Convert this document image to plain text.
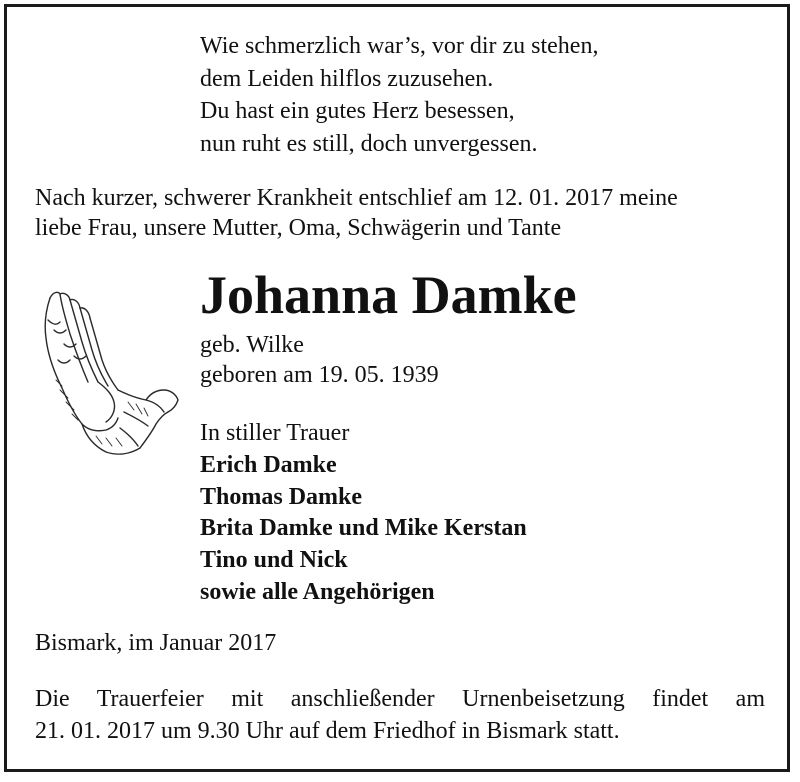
Wie schmerzlich war’s, vor dir zu stehen,
dem Leiden hilflos zuzusehen.
Du hast ein gutes Herz besessen,
nun ruht es still, doch unvergessen.
Nach kurzer, schwerer Krankheit entschlief am 12. 01. 2017 meine
liebe Frau, unsere Mutter, Oma, Schwägerin und Tante
Johanna Damke
geb. Wilke
geboren am 19. 05. 1939
In stiller Trauer
Erich Damke
Thomas Damke
Brita Damke und Mike Kerstan
Tino und Nick
sowie alle Angehörigen
Bismark, im Januar 2017
Die Trauerfeier mit anschließender Urnenbeisetzung findet am
21. 01. 2017 um 9.30 Uhr auf dem Friedhof in Bismark statt.
